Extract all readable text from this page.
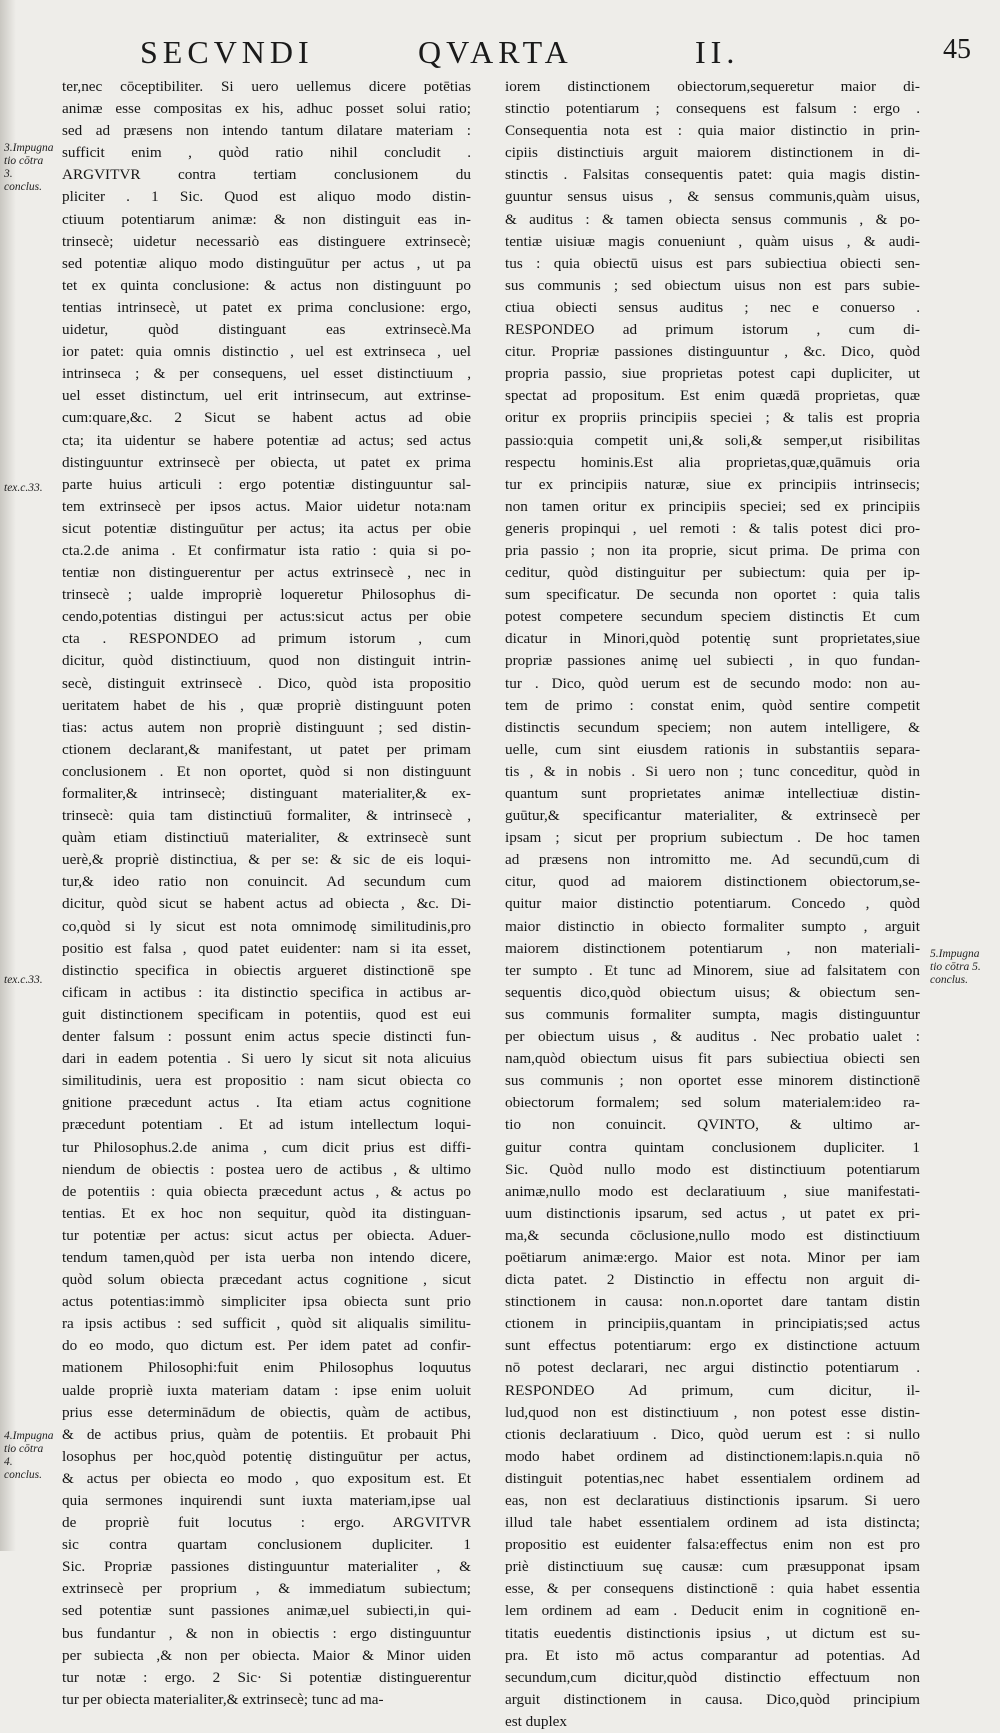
SECVNDI	QVARTA	II.	45
3.Impugna tio cōtra 3. conclus.
tex.c.33.
tex.c.33.
4.Impugna tio cōtra 4. conclus.
5.Impugna tio cōtra 5. conclus.
ter,nec cōceptibiliter. Si uero uellemus dicere potētias
animæ esse compositas ex his, adhuc posset solui ratio;
sed ad præsens non intendo tantum dilatare materiam :
sufficit enim , quòd ratio nihil concludit .
ARGVITVR contra tertiam conclusionem du
pliciter . 1 Sic. Quod est aliquo modo distin-
ctiuum potentiarum animæ: & non distinguit eas in-
trinsecè; uidetur necessariò eas distinguere extrinsecè;
sed potentiæ aliquo modo distinguūtur per actus , ut pa
tet ex quinta conclusione: & actus non distinguunt po
tentias intrinsecè, ut patet ex prima conclusione: ergo,
uidetur, quòd distinguant eas extrinsecè.Ma
ior patet: quia omnis distinctio , uel est extrinseca , uel
intrinseca ; & per consequens, uel esset distinctiuum ,
uel esset distinctum, uel erit intrinsecum, aut extrinse-
cum:quare,&c. 2 Sicut se habent actus ad obie
cta; ita uidentur se habere potentiæ ad actus; sed actus
distinguuntur extrinsecè per obiecta, ut patet ex prima
parte huius articuli : ergo potentiæ distinguuntur sal-
tem extrinsecè per ipsos actus. Maior uidetur nota:nam
sicut potentiæ distinguūtur per actus; ita actus per obie
cta.2.de anima . Et confirmatur ista ratio : quia si po-
tentiæ non distinguerentur per actus extrinsecè , nec in
trinsecè ; ualde impropriè loqueretur Philosophus di-
cendo,potentias distingui per actus:sicut actus per obie
cta . RESPONDEO ad primum istorum , cum
dicitur, quòd distinctiuum, quod non distinguit intrin-
secè, distinguit extrinsecè . Dico, quòd ista propositio
ueritatem habet de his , quæ propriè distinguunt poten
tias: actus autem non propriè distinguunt ; sed distin-
ctionem declarant,& manifestant, ut patet per primam
conclusionem . Et non oportet, quòd si non distinguunt
formaliter,& intrinsecè; distinguant materialiter,& ex-
trinsecè: quia tam distinctiuū formaliter, & intrinsecè ,
quàm etiam distinctiuū materialiter, & extrinsecè sunt
uerè,& propriè distinctiua, & per se: & sic de eis loqui-
tur,& ideo ratio non conuincit. Ad secundum cum
dicitur, quòd sicut se habent actus ad obiecta , &c. Di-
co,quòd si ly sicut est nota omnimodę similitudinis,pro
positio est falsa , quod patet euidenter: nam si ita esset,
distinctio specifica in obiectis argueret distinctionē spe
cificam in actibus : ita distinctio specifica in actibus ar-
guit distinctionem specificam in potentiis, quod est eui
denter falsum : possunt enim actus specie distincti fun-
dari in eadem potentia . Si uero ly sicut sit nota alicuius
similitudinis, uera est propositio : nam sicut obiecta co
gnitione præcedunt actus . Ita etiam actus cognitione
præcedunt potentiam . Et ad istum intellectum loqui-
tur Philosophus.2.de anima , cum dicit prius est diffi-
niendum de obiectis : postea uero de actibus , & ultimo
de potentiis : quia obiecta præcedunt actus , & actus po
tentias. Et ex hoc non sequitur, quòd ita distinguan-
tur potentiæ per actus: sicut actus per obiecta. Aduer-
tendum tamen,quòd per ista uerba non intendo dicere,
quòd solum obiecta præcedant actus cognitione , sicut
actus potentias:immò simpliciter ipsa obiecta sunt prio
ra ipsis actibus : sed sufficit , quòd sit aliqualis similitu-
do eo modo, quo dictum est. Per idem patet ad confir-
mationem Philosophi:fuit enim Philosophus loquutus
ualde propriè iuxta materiam datam : ipse enim uoluit
prius esse determinādum de obiectis, quàm de actibus,
& de actibus prius, quàm de potentiis. Et probauit Phi
losophus per hoc,quòd potentię distinguūtur per actus,
& actus per obiecta eo modo , quo expositum est. Et
quia sermones inquirendi sunt iuxta materiam,ipse ual
de propriè fuit locutus : ergo. ARGVITVR
sic contra quartam conclusionem dupliciter. 1
Sic. Propriæ passiones distinguuntur materialiter , &
extrinsecè per proprium , & immediatum subiectum;
sed potentiæ sunt passiones animæ,uel subiecti,in qui-
bus fundantur , & non in obiectis : ergo distinguuntur
per subiecta ,& non per obiecta. Maior & Minor uiden
tur notæ : ergo. 2 Sic· Si potentiæ distinguerentur
tur per obiecta materialiter,& extrinsecè; tunc ad ma-
iorem distinctionem obiectorum,sequeretur maior di-
stinctio potentiarum ; consequens est falsum : ergo .
Consequentia nota est : quia maior distinctio in prin-
cipiis distinctiuis arguit maiorem distinctionem in di-
stinctis . Falsitas consequentis patet: quia magis distin-
guuntur sensus uisus , & sensus communis,quàm uisus,
& auditus : & tamen obiecta sensus communis , & po-
tentiæ uisiuæ magis conueniunt , quàm uisus , & audi-
tus : quia obiectū uisus est pars subiectiua obiecti sen-
sus communis ; sed obiectum uisus non est pars subie-
ctiua obiecti sensus auditus ; nec e conuerso .
RESPONDEO ad primum istorum , cum di-
citur. Propriæ passiones distinguuntur , &c. Dico, quòd
propria passio, siue proprietas potest capi dupliciter, ut
spectat ad propositum. Est enim quædā proprietas, quæ
oritur ex propriis principiis speciei ; & talis est propria
passio:quia competit uni,& soli,& semper,ut risibilitas
respectu hominis.Est alia proprietas,quæ,quāmuis oria
tur ex principiis naturæ, siue ex principiis intrinsecis;
non tamen oritur ex principiis speciei; sed ex principiis
generis propinqui , uel remoti : & talis potest dici pro-
pria passio ; non ita proprie, sicut prima. De prima con
ceditur, quòd distinguitur per subiectum: quia per ip-
sum specificatur. De secunda non oportet : quia talis
potest competere secundum speciem distinctis Et cum
dicatur in Minori,quòd potentię sunt proprietates,siue
propriæ passiones animę uel subiecti , in quo fundan-
tur . Dico, quòd uerum est de secundo modo: non au-
tem de primo : constat enim, quòd sentire competit
distinctis secundum speciem; non autem intelligere, &
uelle, cum sint eiusdem rationis in substantiis separa-
tis , & in nobis . Si uero non ; tunc conceditur, quòd in
quantum sunt proprietates animæ intellectiuæ distin-
guūtur,& specificantur materialiter, & extrinsecè per
ipsam ; sicut per proprium subiectum . De hoc tamen
ad præsens non intromitto me. Ad secundū,cum di
citur, quod ad maiorem distinctionem obiectorum,se-
quitur maior distinctio potentiarum. Concedo , quòd
maior distinctio in obiecto formaliter sumpto , arguit
maiorem distinctionem potentiarum , non materiali-
ter sumpto . Et tunc ad Minorem, siue ad falsitatem con
sequentis dico,quòd obiectum uisus; & obiectum sen-
sus communis formaliter sumpta, magis distinguuntur
per obiectum uisus , & auditus . Nec probatio ualet :
nam,quòd obiectum uisus fit pars subiectiua obiecti sen
sus communis ; non oportet esse minorem distinctionē
obiectorum formalem; sed solum materialem:ideo ra-
tio non conuincit. QVINTO, & ultimo ar-
guitur contra quintam conclusionem dupliciter. 1
Sic. Quòd nullo modo est distinctiuum potentiarum
animæ,nullo modo est declaratiuum , siue manifestati-
uum distinctionis ipsarum, sed actus , ut patet ex pri-
ma,& secunda cōclusione,nullo modo est distinctiuum
poētiarum animæ:ergo. Maior est nota. Minor per iam
dicta patet. 2 Distinctio in effectu non arguit di-
stinctionem in causa: non.n.oportet dare tantam distin
ctionem in principiis,quantam in principiatis;sed actus
sunt effectus potentiarum: ergo ex distinctione actuum
nō potest declarari, nec argui distinctio potentiarum .
RESPONDEO Ad primum, cum dicitur, il-
lud,quod non est distinctiuum , non potest esse distin-
ctionis declaratiuum . Dico, quòd uerum est : si nullo
modo habet ordinem ad distinctionem:lapis.n.quia nō
distinguit potentias,nec habet essentialem ordinem ad
eas, non est declaratiuus distinctionis ipsarum. Si uero
illud tale habet essentialem ordinem ad ista distincta;
propositio est euidenter falsa:effectus enim non est pro
priè distinctiuum suę causæ: cum præsupponat ipsam
esse, & per consequens distinctionē : quia habet essentia
lem ordinem ad eam . Deducit enim in cognitionē en-
titatis euedentis distinctionis ipsius , ut dictum est su-
pra. Et isto mō actus comparantur ad potentias. Ad
secundum,cum dicitur,quòd distinctio effectuum non
arguit distinctionem in causa. Dico,quòd principium
est duplex
